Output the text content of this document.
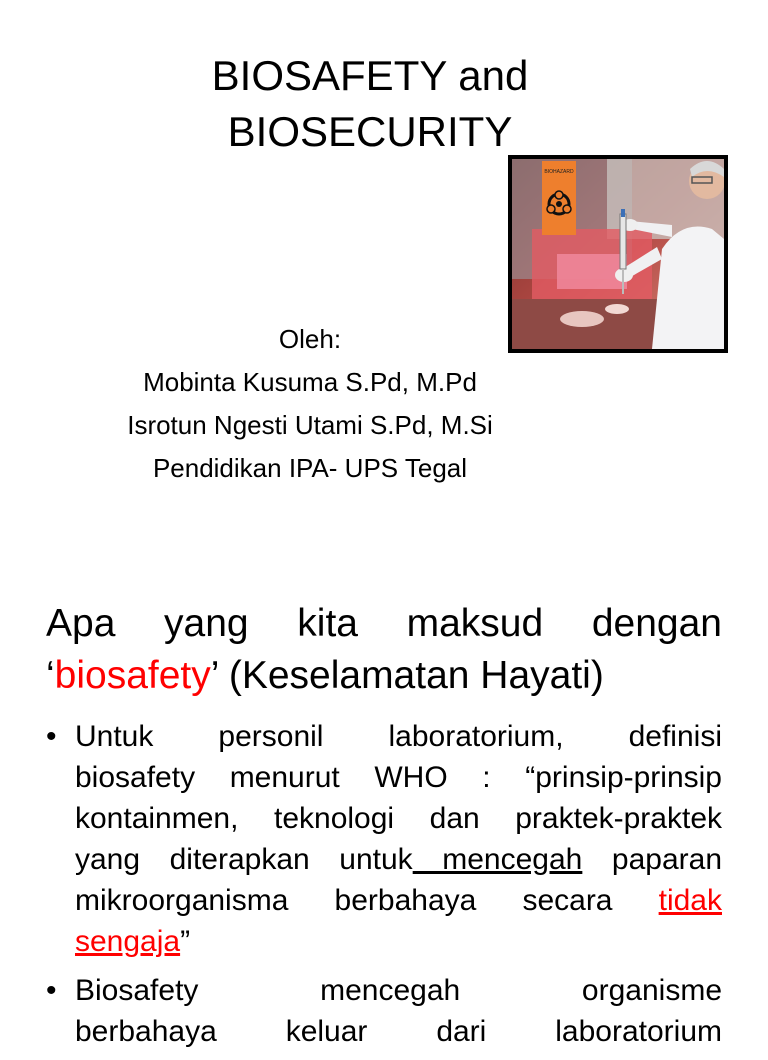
BIOSAFETY and
BIOSECURITY
BIOHAZARD
Oleh:
Mobinta Kusuma S.Pd, M.Pd
Isrotun Ngesti Utami S.Pd, M.Si
Pendidikan IPA- UPS Tegal
Apa yang kita maksud dengan
‘biosafety’ (Keselamatan Hayati)
• Untuk personil laboratorium, definisi
biosafety menurut WHO : “prinsip-prinsip
kontainmen, teknologi dan praktek-praktek
yang diterapkan untuk mencegah paparan
mikroorganisma berbahaya secara tidak
sengaja”
• Biosafety mencegah organisme
berbahaya keluar dari laboratorium
